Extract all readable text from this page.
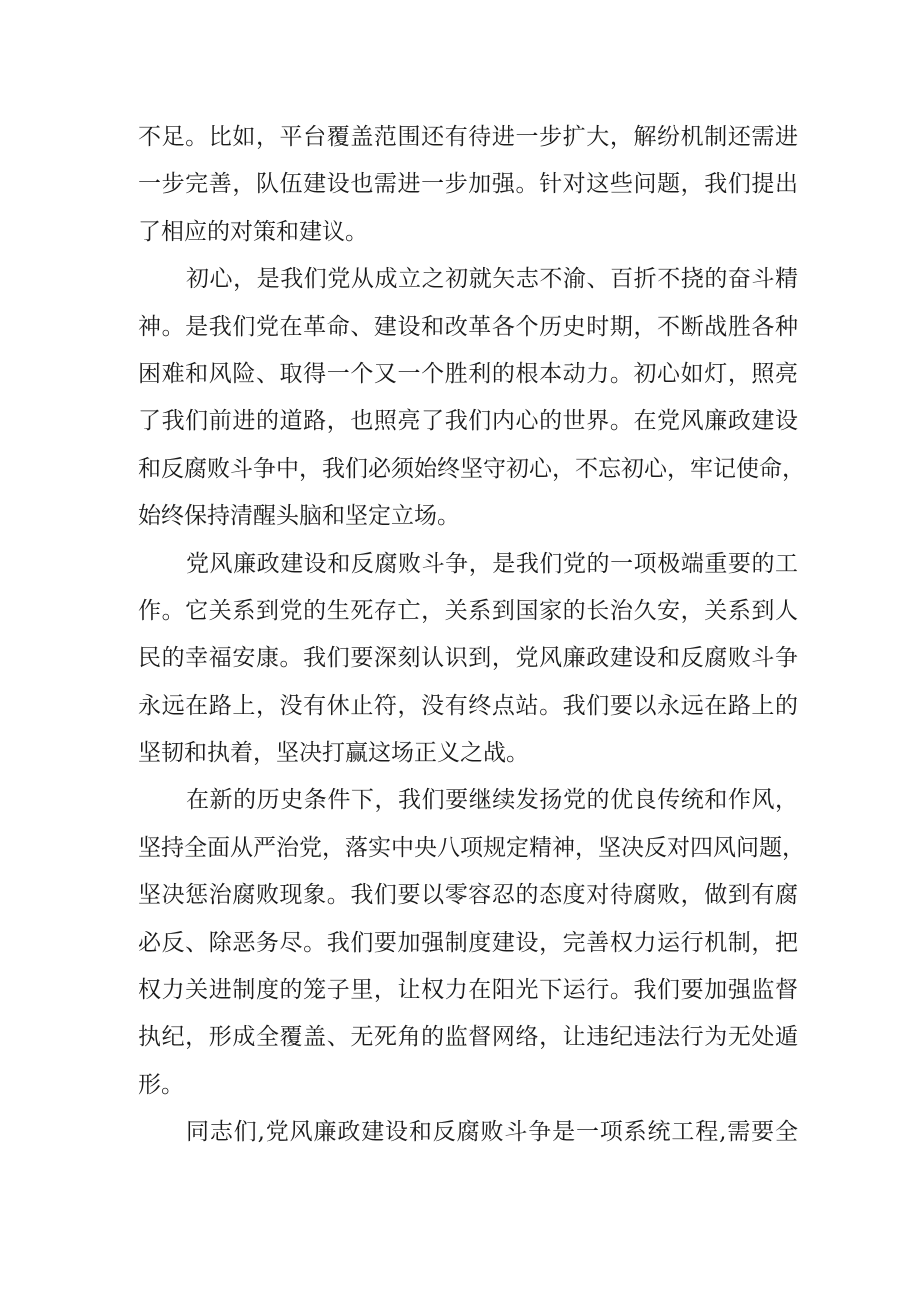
不足。比如，平台覆盖范围还有待进一步扩大，解纷机制还需进
一步完善，队伍建设也需进一步加强。针对这些问题，我们提出
了相应的对策和建议。
初心，是我们党从成立之初就矢志不渝、百折不挠的奋斗精
神。是我们党在革命、建设和改革各个历史时期，不断战胜各种
困难和风险、取得一个又一个胜利的根本动力。初心如灯，照亮
了我们前进的道路，也照亮了我们内心的世界。在党风廉政建设
和反腐败斗争中，我们必须始终坚守初心，不忘初心，牢记使命，
始终保持清醒头脑和坚定立场。
党风廉政建设和反腐败斗争，是我们党的一项极端重要的工
作。它关系到党的生死存亡，关系到国家的长治久安，关系到人
民的幸福安康。我们要深刻认识到，党风廉政建设和反腐败斗争
永远在路上，没有休止符，没有终点站。我们要以永远在路上的
坚韧和执着，坚决打赢这场正义之战。
在新的历史条件下，我们要继续发扬党的优良传统和作风，
坚持全面从严治党，落实中央八项规定精神，坚决反对四风问题，
坚决惩治腐败现象。我们要以零容忍的态度对待腐败，做到有腐
必反、除恶务尽。我们要加强制度建设，完善权力运行机制，把
权力关进制度的笼子里，让权力在阳光下运行。我们要加强监督
执纪，形成全覆盖、无死角的监督网络，让违纪违法行为无处遁
形。
同志们,党风廉政建设和反腐败斗争是一项系统工程,需要全
